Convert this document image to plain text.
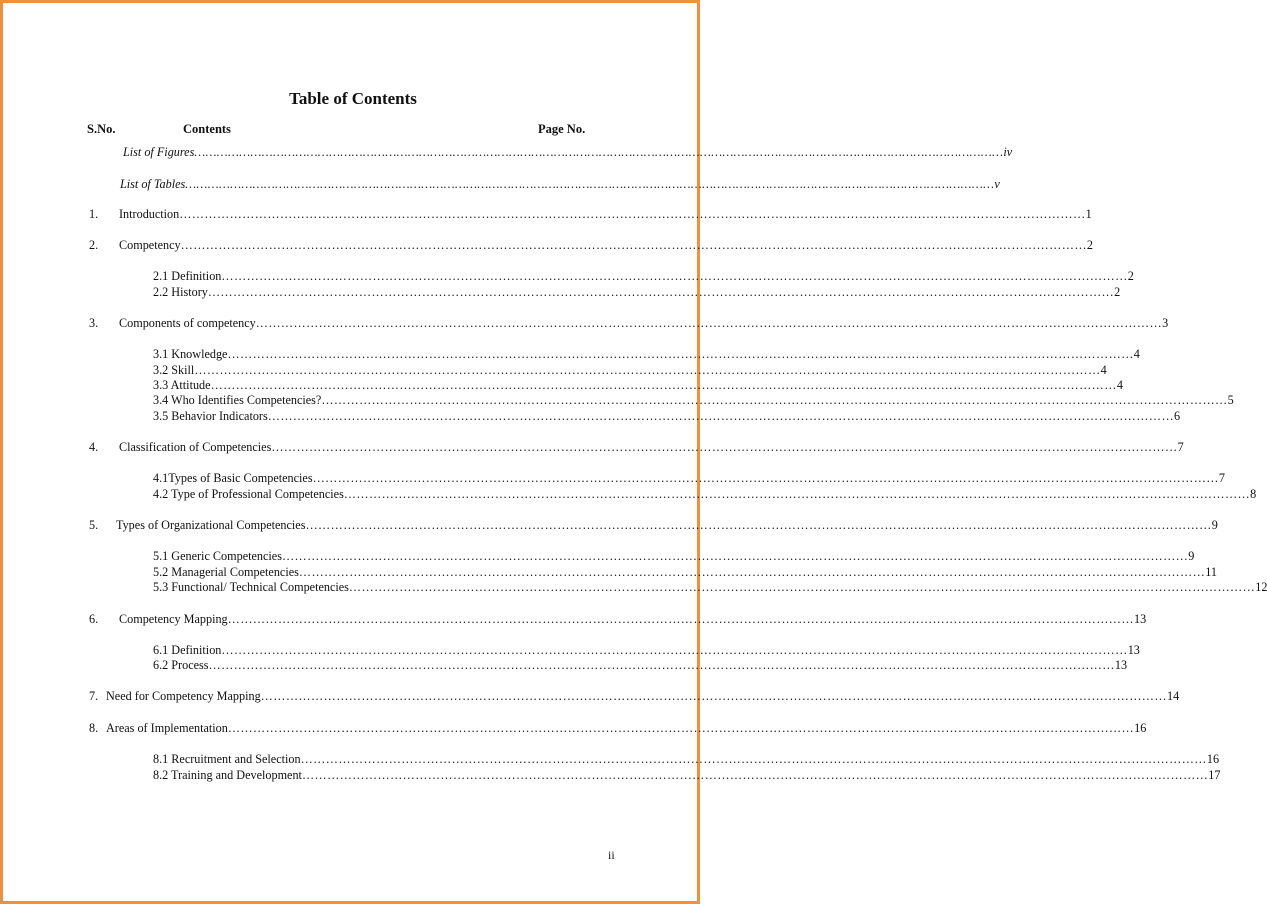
Table of Contents
S.No.	Contents	Page No.
List of Figures ……………………………………………………………………………………………………………………………………………………………………………………………… iv
List of Tables ……………………………………………………………………………………………………………………………………………………………………………………………… v
1. Introduction ……………………………………………………………………………………………………………………………………………………………………………………………… 1
2. Competency ……………………………………………………………………………………………………………………………………………………………………………………………… 2
2.1 Definition ……………………………………………………………………………………………………………………………………………………………………………………………… 2
2.2 History ……………………………………………………………………………………………………………………………………………………………………………………………… 2
3. Components of competency ……………………………………………………………………………………………………………………………………………………………………………………………… 3
3.1 Knowledge ……………………………………………………………………………………………………………………………………………………………………………………………… 4
3.2 Skill ……………………………………………………………………………………………………………………………………………………………………………………………… 4
3.3 Attitude ……………………………………………………………………………………………………………………………………………………………………………………………… 4
3.4 Who Identifies Competencies? ……………………………………………………………………………………………………………………………………………………………………………………………… 5
3.5 Behavior Indicators ……………………………………………………………………………………………………………………………………………………………………………………………… 6
4. Classification of Competencies ……………………………………………………………………………………………………………………………………………………………………………………………… 7
4.1Types of Basic Competencies ……………………………………………………………………………………………………………………………………………………………………………………………… 7
4.2 Type of Professional Competencies ……………………………………………………………………………………………………………………………………………………………………………………………… 8
5. Types of Organizational Competencies ……………………………………………………………………………………………………………………………………………………………………………………………… 9
5.1 Generic Competencies ……………………………………………………………………………………………………………………………………………………………………………………………… 9
5.2 Managerial Competencies ……………………………………………………………………………………………………………………………………………………………………………………………… 11
5.3 Functional/ Technical Competencies ……………………………………………………………………………………………………………………………………………………………………………………………… 12
6. Competency Mapping ……………………………………………………………………………………………………………………………………………………………………………………………… 13
6.1 Definition ……………………………………………………………………………………………………………………………………………………………………………………………… 13
6.2 Process ……………………………………………………………………………………………………………………………………………………………………………………………… 13
7. Need for Competency Mapping ……………………………………………………………………………………………………………………………………………………………………………………………… 14
8. Areas of Implementation ……………………………………………………………………………………………………………………………………………………………………………………………… 16
8.1 Recruitment and Selection ……………………………………………………………………………………………………………………………………………………………………………………………… 16
8.2 Training and Development ……………………………………………………………………………………………………………………………………………………………………………………………… 17
ii
